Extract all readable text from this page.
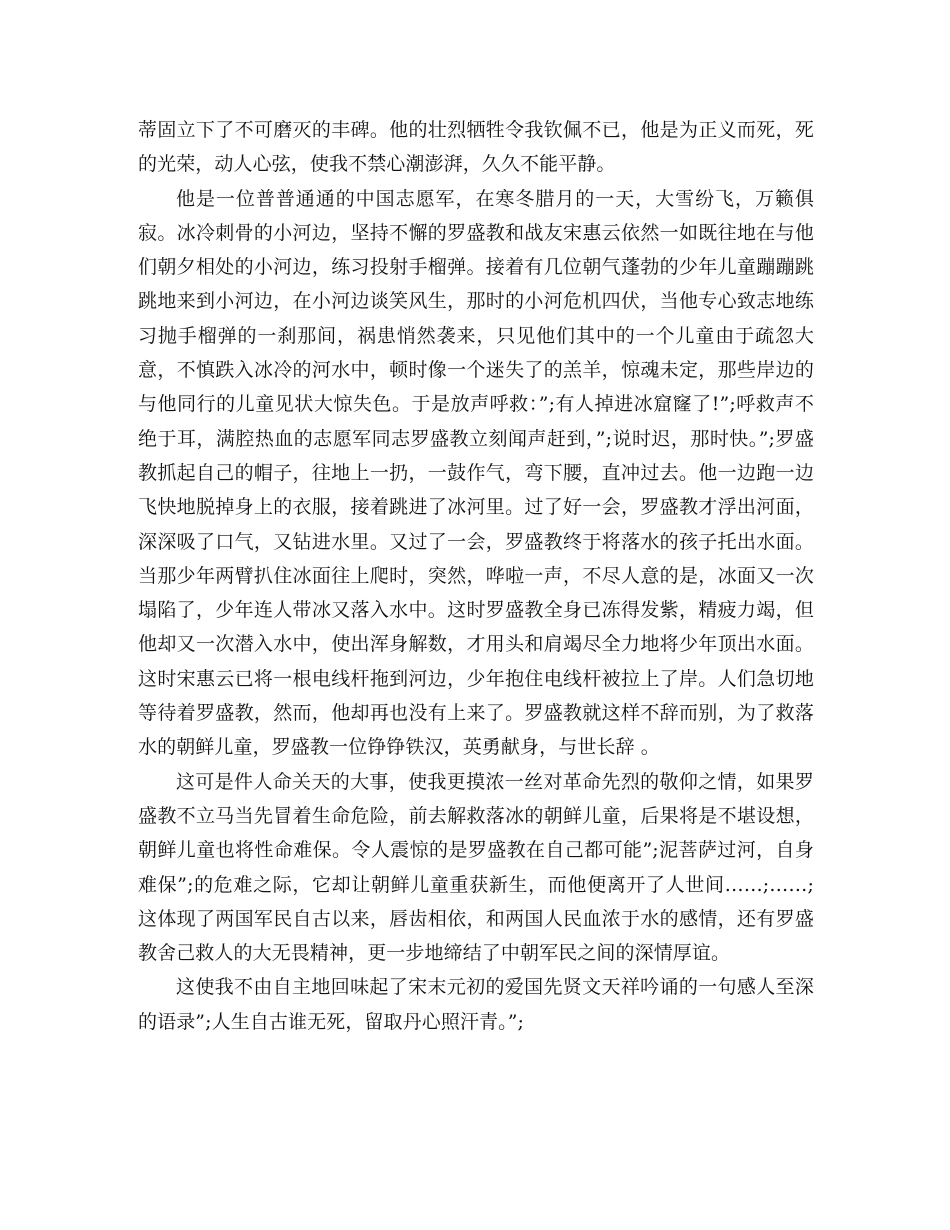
蒂固立下了不可磨灭的丰碑。他的壮烈牺牲令我钦佩不已，他是为正义而死，死的光荣，动人心弦，使我不禁心潮澎湃，久久不能平静。

他是一位普普通通的中国志愿军，在寒冬腊月的一天，大雪纷飞，万籁俱寂。冰冷刺骨的小河边，坚持不懈的罗盛教和战友宋惠云依然一如既往地在与他们朝夕相处的小河边，练习投射手榴弹。接着有几位朝气蓬勃的少年儿童蹦蹦跳跳地来到小河边，在小河边谈笑风生，那时的小河危机四伏，当他专心致志地练习抛手榴弹的一刹那间，祸患悄然袭来，只见他们其中的一个儿童由于疏忽大意，不慎跌入冰冷的河水中，顿时像一个迷失了的羔羊，惊魂未定，那些岸边的与他同行的儿童见状大惊失色。于是放声呼救：”;有人掉进冰窟窿了!”;呼救声不绝于耳，满腔热血的志愿军同志罗盛教立刻闻声赶到，”;说时迟，那时快。”;罗盛教抓起自己的帽子，往地上一扔，一鼓作气，弯下腰，直冲过去。他一边跑一边飞快地脱掉身上的衣服，接着跳进了冰河里。过了好一会，罗盛教才浮出河面，深深吸了口气，又钻进水里。又过了一会，罗盛教终于将落水的孩子托出水面。当那少年两臂扒住冰面往上爬时，突然，哗啦一声，不尽人意的是，冰面又一次塌陷了，少年连人带冰又落入水中。这时罗盛教全身已冻得发紫，精疲力竭，但他却又一次潜入水中，使出浑身解数，才用头和肩竭尽全力地将少年顶出水面。这时宋惠云已将一根电线杆拖到河边，少年抱住电线杆被拉上了岸。人们急切地等待着罗盛教，然而，他却再也没有上来了。罗盛教就这样不辞而别，为了救落水的朝鲜儿童，罗盛教一位铮铮铁汉，英勇献身，与世长辞 。

这可是件人命关天的大事，使我更摸浓一丝对革命先烈的敬仰之情，如果罗盛教不立马当先冒着生命危险，前去解救落冰的朝鲜儿童，后果将是不堪设想，朝鲜儿童也将性命难保。令人震惊的是罗盛教在自己都可能”;泥菩萨过河，自身难保”;的危难之际，它却让朝鲜儿童重获新生，而他便离开了人世间……;……;这体现了两国军民自古以来，唇齿相依，和两国人民血浓于水的感情，还有罗盛教舍己救人的大无畏精神，更一步地缔结了中朝军民之间的深情厚谊。

这使我不由自主地回味起了宋末元初的爱国先贤文天祥吟诵的一句感人至深的语录”;人生自古谁无死，留取丹心照汗青。”;
